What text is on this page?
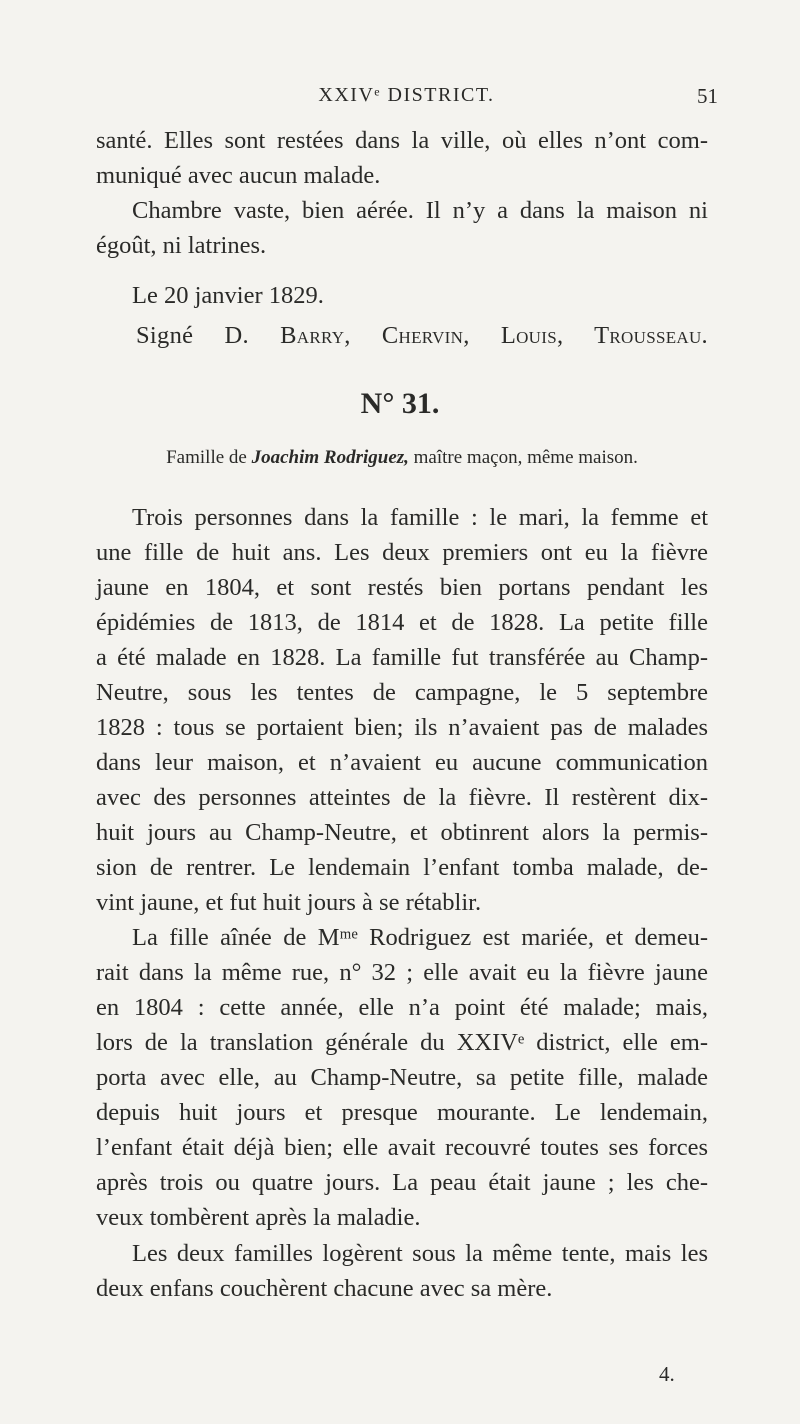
XXIVᵉ DISTRICT.	51
santé. Elles sont restées dans la ville, où elles n’ont com-
muniqué avec aucun malade.
Chambre vaste, bien aérée. Il n’y a dans la maison ni
égoût, ni latrines.
Le 20 janvier 1829.
Signé D. Barry, Chervin, Louis, Trousseau.
N° 31.
Famille de Joachim Rodriguez, maître maçon, même maison.
Trois personnes dans la famille : le mari, la femme et
une fille de huit ans. Les deux premiers ont eu la fièvre
jaune en 1804, et sont restés bien portans pendant les
épidémies de 1813, de 1814 et de 1828. La petite fille
a été malade en 1828. La famille fut transférée au Champ-
Neutre, sous les tentes de campagne, le 5 septembre
1828 : tous se portaient bien; ils n’avaient pas de malades
dans leur maison, et n’avaient eu aucune communication
avec des personnes atteintes de la fièvre. Il restèrent dix-
huit jours au Champ-Neutre, et obtinrent alors la permis-
sion de rentrer. Le lendemain l’enfant tomba malade, de-
vint jaune, et fut huit jours à se rétablir.
La fille aînée de Mᵐᵉ Rodriguez est mariée, et demeu-
rait dans la même rue, n° 32 ; elle avait eu la fièvre jaune
en 1804 : cette année, elle n’a point été malade; mais,
lors de la translation générale du XXIVᵉ district, elle em-
porta avec elle, au Champ-Neutre, sa petite fille, malade
depuis huit jours et presque mourante. Le lendemain,
l’enfant était déjà bien; elle avait recouvré toutes ses forces
après trois ou quatre jours. La peau était jaune ; les che-
veux tombèrent après la maladie.
Les deux familles logèrent sous la même tente, mais les
deux enfans couchèrent chacune avec sa mère.
4.
